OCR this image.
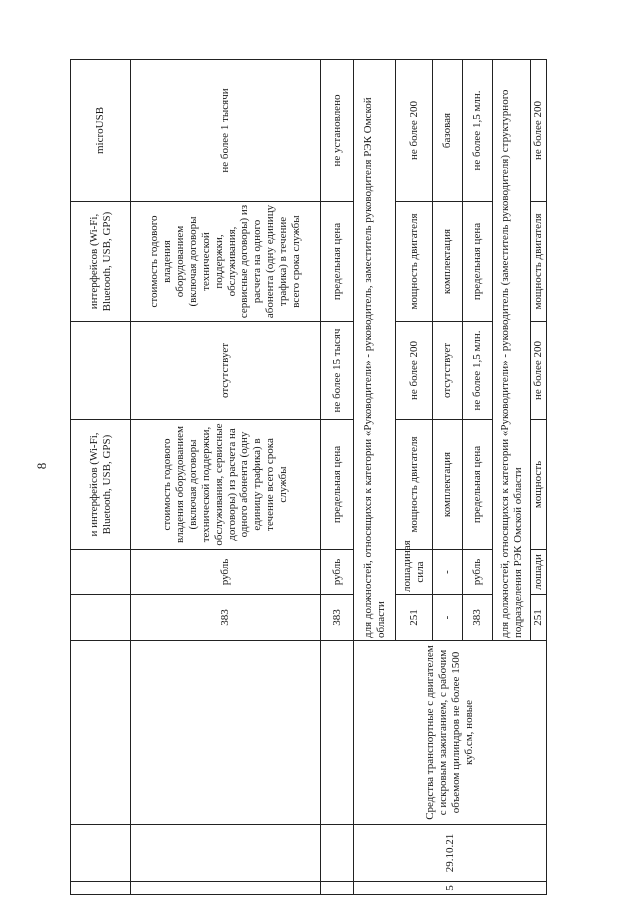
8
						и интерфейсов (Wi-Fi, Bluetooth, USB, GPS)		интерфейсов (Wi-Fi, Bluetooth, USB, GPS)	microUSB
			383	рубль	стоимость годового владения оборудованием (включая договоры технической поддержки, обслуживания, сервисные договоры) из расчета на одного абонента (одну единицу трафика) в течение всего срока службы	отсутствует	стоимость годового владения оборудованием (включая договоры технической поддержки, обслуживания, сервисные договоры) из расчета на одного абонента (одну единицу трафика) в течение всего срока службы	не более 1 тысячи
			383	рубль	предельная цена	не более 15 тысяч	предельная цена	не установлено
5	29.10.21	Средства транспортные с двигателем с искровым зажиганием, с рабочим объемом цилиндров не более 1500 куб.см, новые	для должностей, относящихся к категории «Руководители» - руководитель, заместитель руководителя РЭК Омской области					
			251	лошадиная сила	мощность двигателя	не более 200	мощность двигателя	не более 200
			-	-	комплектация	отсутствует	комплектация	базовая
			383	рубль	предельная цена	не более 1,5 млн.	предельная цена	не более 1,5 млн.
			для должностей, относящихся к категории «Руководители» - руководитель (заместитель руководителя) структурного подразделения РЭК Омской области					
			251	лошади	мощность	не более 200	мощность двигателя	не более 200
